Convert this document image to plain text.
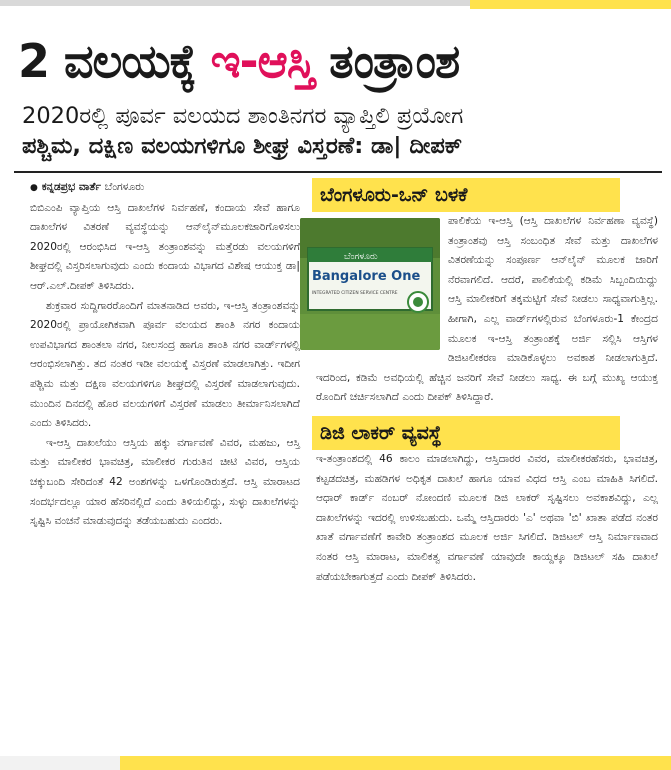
2 ವಲಯಕ್ಕೆ ಇ-ಆಸ್ತಿ ತಂತ್ರಾಂಶ
2020ರಲ್ಲಿ ಪೂರ್ವ ವಲಯದ ಶಾಂತಿನಗರ ವ್ಯಾಪ್ತಿಲಿ ಪ್ರಯೋಗ
ಪಶ್ಚಿಮ, ದಕ್ಷಿಣ ವಲಯಗಳಿಗೂ ಶೀಘ್ರ ವಿಸ್ತರಣೆ: ಡಾ| ದೀಪಕ್
● ಕನ್ನಡಪ್ರಭ ವಾರ್ತೆ ಬೆಂಗಳೂರು

ಬಿಬಿಎಂಪಿ ವ್ಯಾಪ್ತಿಯ ಆಸ್ತಿ ದಾಖಲೆಗಳ ನಿರ್ವಹಣೆ, ಕಂದಾಯ ಸೇವೆ ಹಾಗೂ ದಾಖಲೆಗಳ ವಿತರಣೆ ವ್ಯವಸ್ಥೆಯನ್ನು ಆನ್‌ಲೈನ್‌ಮೂಲಕಜಾರಿಗೊಳಿಸಲು 2020ರಲ್ಲಿ ಆರಂಭಿಸಿದ ಇ-ಆಸ್ತಿ ತಂತ್ರಾಂಶವನ್ನು ಮತ್ತೆರಡು ವಲಯಗಳಿಗೆ ಶೀಘ್ರದಲ್ಲಿ ವಿಸ್ತರಿಸಲಾಗುವುದು ಎಂದು ಕಂದಾಯ ವಿಭಾಗದ ವಿಶೇಷ ಆಯುಕ್ತ ಡಾ| ಆರ್.ಎಲ್.ದೀಪಕ್ ತಿಳಿಸಿದರು.

ಶುಕ್ರವಾರ ಸುದ್ದಿಗಾರರೊಂದಿಗೆ ಮಾತನಾಡಿದ ಅವರು, ಇ-ಆಸ್ತಿ ತಂತ್ರಾಂಶವನ್ನು 2020ರಲ್ಲಿ ಪ್ರಾಯೋಗಿಕವಾಗಿ ಪೂರ್ವ ವಲಯದ ಶಾಂತಿ ನಗರ ಕಂದಾಯ ಉಪವಿಭಾಗದ ಶಾಂತಲಾ ನಗರ, ನೀಲಸಂದ್ರ ಹಾಗೂ ಶಾಂತಿ ನಗರ ವಾರ್ಡ್‌ಗಳಲ್ಲಿ ಆರಂಭಿಸಲಾಗಿತ್ತು. ತದ ನಂತರ ಇಡೀ ವಲಯಕ್ಕೆ ವಿಸ್ತರಣೆ ಮಾಡಲಾಗಿತ್ತು. ಇದೀಗ ಪಶ್ಚಿಮ ಮತ್ತು ದಕ್ಷಿಣ ವಲಯಗಳಿಗೂ ಶೀಘ್ರದಲ್ಲಿ ವಿಸ್ತರಣೆ ಮಾಡಲಾಗುವುದು. ಮುಂದಿನ ದಿನದಲ್ಲಿ ಹೊರ ವಲಯಗಳಿಗೆ ವಿಸ್ತರಣೆ ಮಾಡಲು ತೀರ್ಮಾನಿಸಲಾಗಿದೆ ಎಂದು ತಿಳಿಸಿದರು.

ಇ-ಆಸ್ತಿ ದಾಖಲೆಯು ಆಸ್ತಿಯ ಹಕ್ಕು ವರ್ಗಾವಣೆ ವಿವರ, ಮಹಜು, ಆಸ್ತಿ ಮತ್ತು ಮಾಲೀಕರ ಭಾವಚಿತ್ರ, ಮಾಲೀಕರ ಗುರುತಿನ ಚೀಟಿ ವಿವರ, ಆಸ್ತಿಯ ಚಕ್ಕುಬಂದಿ ಸೇರಿದಂತೆ 42 ಅಂಶಗಳನ್ನು ಒಳಗೊಂಡಿರುತ್ತದೆ. ಆಸ್ತಿ ಮಾರಾಟದ ಸಂದರ್ಭದಲ್ಲೂ ಯಾರ ಹೆಸರಿನಲ್ಲಿದೆ ಎಂದು ತಿಳಿಯಲಿದ್ದು, ಸುಳ್ಳು ದಾಖಲೆಗಳನ್ನು ಸೃಷ್ಟಿಸಿ ವಂಚನೆ ಮಾಡುವುದನ್ನು ತಡೆಯಬಹುದು ಎಂದರು.

ಬೆಂಗಳೂರು-ಒನ್ ಬಳಕೆ
ಬೆಂಗಳೂರು
Bangalore One
INTEGRATED CITIZEN SERVICE CENTRE

ಪಾಲಿಕೆಯ ಇ-ಆಸ್ತಿ (ಆಸ್ತಿ ದಾಖಲೆಗಳ ನಿರ್ವಹಣಾ ವ್ಯವಸ್ಥೆ) ತಂತ್ರಾಂಶವು ಆಸ್ತಿ ಸಂಬಂಧಿತ ಸೇವೆ ಮತ್ತು ದಾಖಲೆಗಳ ವಿತರಣೆಯನ್ನು ಸಂಪೂರ್ಣ ಆನ್‌ಲೈನ್ ಮೂಲಕ ಜಾರಿಗೆ ನೆರವಾಗಲಿದೆ. ಆದರೆ, ಪಾಲಿಕೆಯಲ್ಲಿ ಕಡಿಮೆ ಸಿಬ್ಬಂದಿಯಿದ್ದು ಆಸ್ತಿ ಮಾಲೀಕರಿಗೆ ತಕ್ಕಮಟ್ಟಿಗೆ ಸೇವೆ ನೀಡಲು ಸಾಧ್ಯವಾಗುತ್ತಿಲ್ಲ. ಹೀಗಾಗಿ, ಎಲ್ಲ ವಾರ್ಡ್‌ಗಳಲ್ಲಿರುವ ಬೆಂಗಳೂರು-1 ಕೇಂದ್ರದ ಮೂಲಕ ಇ-ಆಸ್ತಿ ತಂತ್ರಾಂಶಕ್ಕೆ ಅರ್ಜಿ ಸಲ್ಲಿಸಿ ಆಸ್ತಿಗಳ ಡಿಜಿಟಲೀಕರಣ ಮಾಡಿಕೊಳ್ಳಲು ಅವಕಾಶ ನೀಡಲಾಗುತ್ತಿದೆ. ಇದರಿಂದ, ಕಡಿಮೆ ಅವಧಿಯಲ್ಲಿ ಹೆಚ್ಚಿನ ಜನರಿಗೆ ಸೇವೆ ನೀಡಲು ಸಾಧ್ಯ. ಈ ಬಗ್ಗೆ ಮುಖ್ಯ ಆಯುಕ್ತ ರೊಂದಿಗೆ ಚರ್ಚಿಸಲಾಗಿದೆ ಎಂದು ದೀಪಕ್ ತಿಳಿಸಿದ್ದಾರೆ.

ಡಿಜಿ ಲಾಕರ್ ವ್ಯವಸ್ಥೆ

ಇ-ತಂತ್ರಾಂಶದಲ್ಲಿ 46 ಕಾಲಂ ಮಾಡಲಾಗಿದ್ದು, ಆಸ್ತಿದಾರರ ವಿವರ, ಮಾಲೀಕರಹೆಸರು, ಭಾವಚಿತ್ರ, ಕಟ್ಟಡದಚಿತ್ರ, ಮಹಡಿಗಳ ಅಧಿಕೃತ ದಾಖಲೆ ಹಾಗೂ ಯಾವ ವಿಧದ ಆಸ್ತಿ ಎಂಬ ಮಾಹಿತಿ ಸಿಗಲಿದೆ. ಆಧಾರ್ ಕಾರ್ಡ್ ನಂಬರ್ ನೋಂದಣಿ ಮೂಲಕ ಡಿಜಿ ಲಾಕರ್ ಸೃಷ್ಟಿಸಲು ಅವಕಾಶವಿದ್ದು, ಎಲ್ಲ ದಾಖಲೆಗಳನ್ನು ಇದರಲ್ಲಿ ಉಳಿಸಬಹುದು. ಒಮ್ಮೆ ಆಸ್ತಿದಾರರು 'ಎ' ಅಥವಾ 'ಬಿ' ಖಾತಾ ಪಡೆದ ನಂತರ ಖಾತೆ ವರ್ಗಾವಣೆಗೆ ಕಾವೇರಿ ತಂತ್ರಾಂಶದ ಮೂಲಕ ಅರ್ಜಿ ಸಿಗಲಿದೆ. ಡಿಜಿಟಲ್ ಆಸ್ತಿ ನಿರ್ಮಾಣವಾದ ನಂತರ ಆಸ್ತಿ ಮಾರಾಟ, ಮಾಲಿಕತ್ವ ವರ್ಗಾವಣೆ ಯಾವುದೇ ಕಾಯ್ದಕ್ಕೂ ಡಿಜಿಟಲ್ ಸಹಿ ದಾಖಲೆ ಪಡೆಯಬೇಕಾಗುತ್ತದೆ ಎಂದು ದೀಪಕ್ ತಿಳಿಸಿದರು.
